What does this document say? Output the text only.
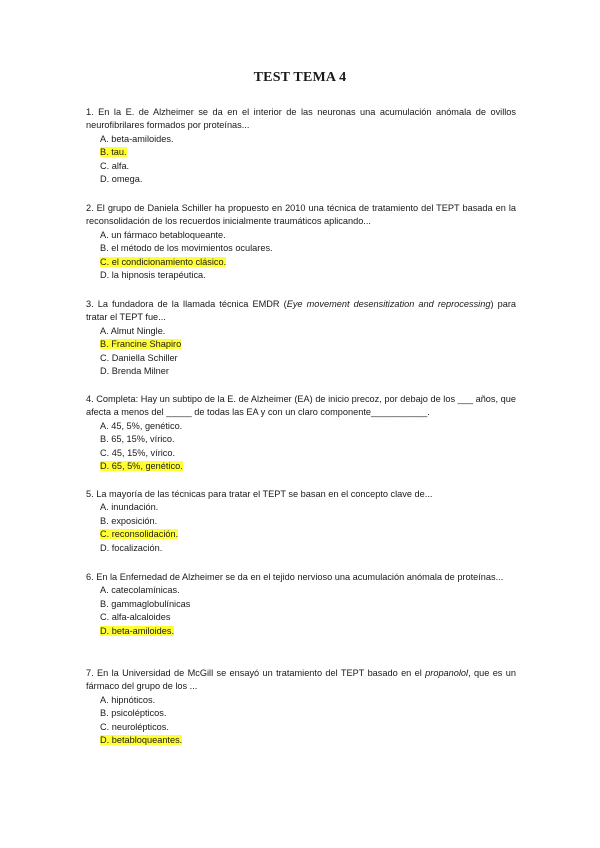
TEST TEMA 4

1. En la E. de Alzheimer se da en el interior de las neuronas una acumulación anómala de ovillos neurofibrilares formados por proteínas...

A. beta-amiloides.
B. tau.
C. alfa.
D. omega.

2. El grupo de Daniela Schiller ha propuesto en 2010 una técnica de tratamiento del TEPT basada en la reconsolidación de los recuerdos inicialmente traumáticos aplicando...

A. un fármaco betabloqueante.
B. el método de los movimientos oculares.
C. el condicionamiento clásico.
D. la hipnosis terapéutica.

3. La fundadora de la llamada técnica EMDR (Eye movement desensitization and reprocessing) para tratar el TEPT fue...

A. Almut Ningle.
B. Francine Shapiro
C. Daniella Schiller
D. Brenda Milner

4. Completa: Hay un subtipo de la E. de Alzheimer (EA) de inicio precoz, por debajo de los ___ años, que afecta a menos del _____ de todas las EA y con un claro componente___________.

A. 45, 5%, genético.
B. 65, 15%, vírico.
C. 45, 15%, vírico.
D. 65, 5%, genético.

5. La mayoría de las técnicas para tratar el TEPT se basan en el concepto clave de...

A. inundación.
B. exposición.
C. reconsolidación.
D. focalización.

6. En la Enfernedad de Alzheimer se da en el tejido nervioso una acumulación anómala de proteínas...

A. catecolamínicas.
B. gammaglobulínicas
C. alfa-alcaloides
D. beta-amiloides.

7. En la Universidad de McGill se ensayó un tratamiento del TEPT basado en el propanolol, que es un fármaco del grupo de los ...

A. hipnóticos.
B. psicolépticos.
C. neurolépticos.
D. betabloqueantes.
